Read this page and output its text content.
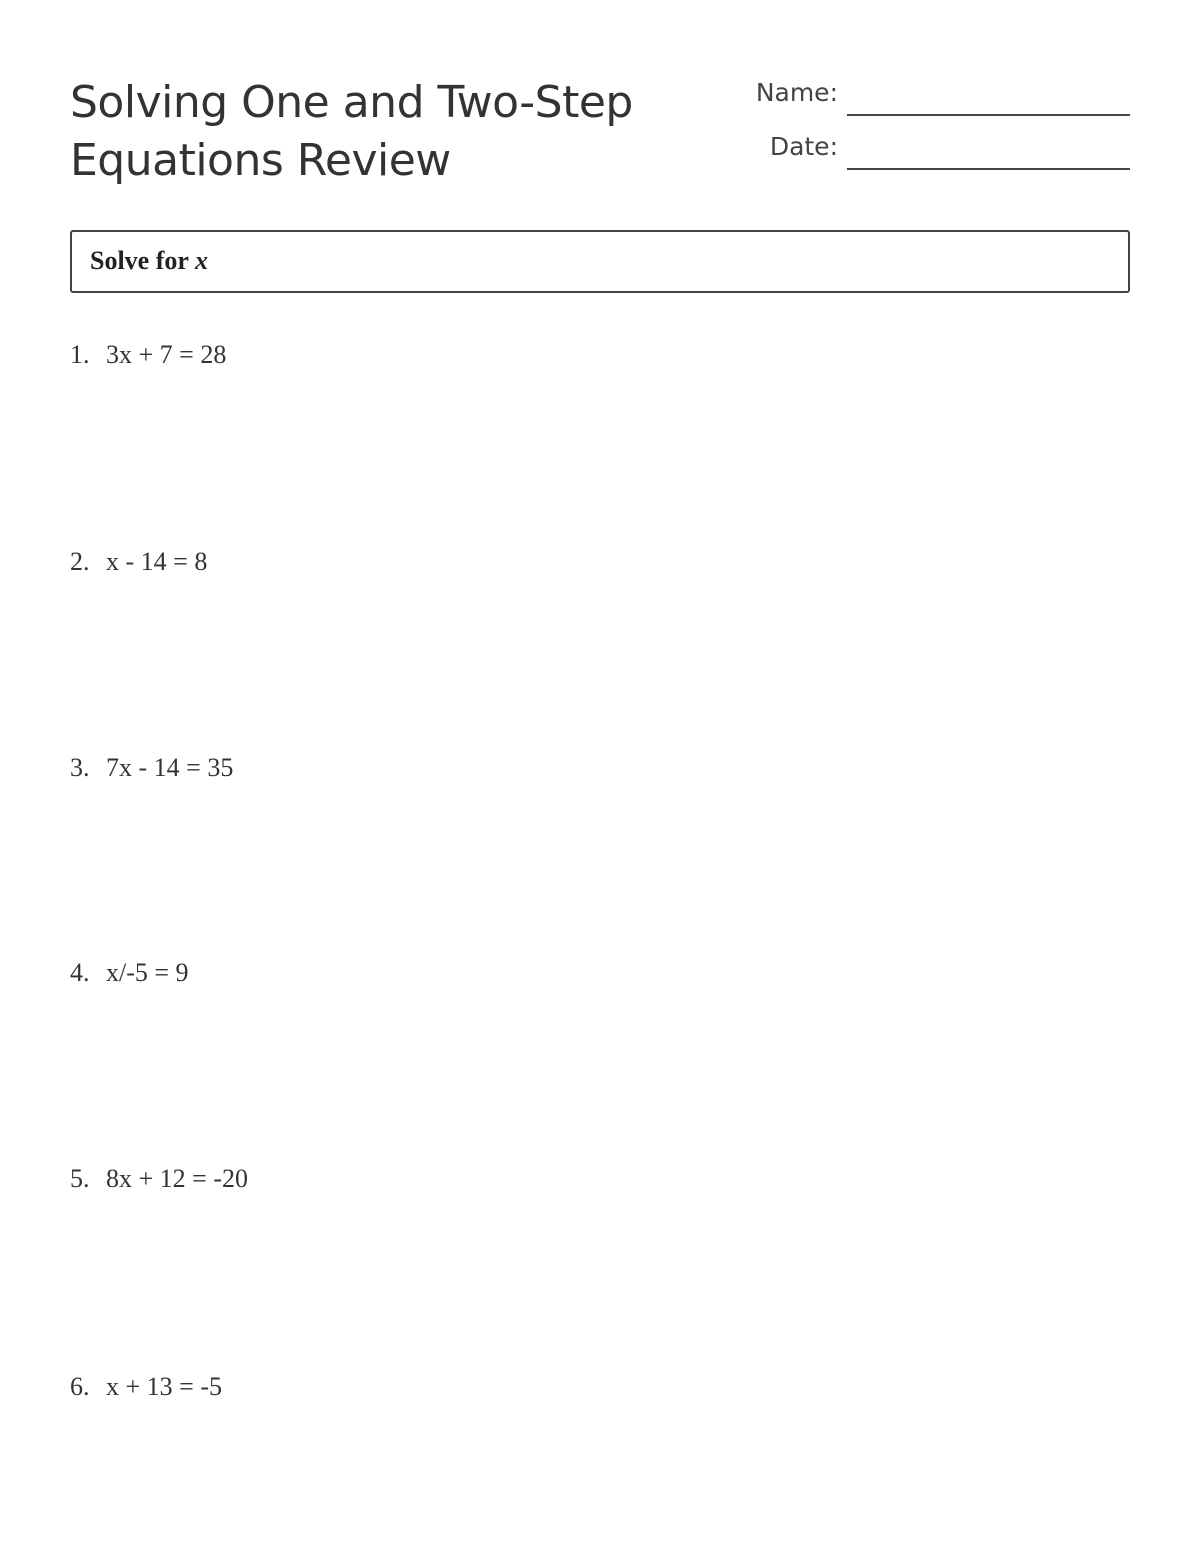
Solving One and Two-Step
Equations Review
Name:
Date:
Solve for x
1. 3x + 7 = 28
2. x - 14 = 8
3. 7x - 14 = 35
4. x/-5 = 9
5. 8x + 12 = -20
6. x + 13 = -5
